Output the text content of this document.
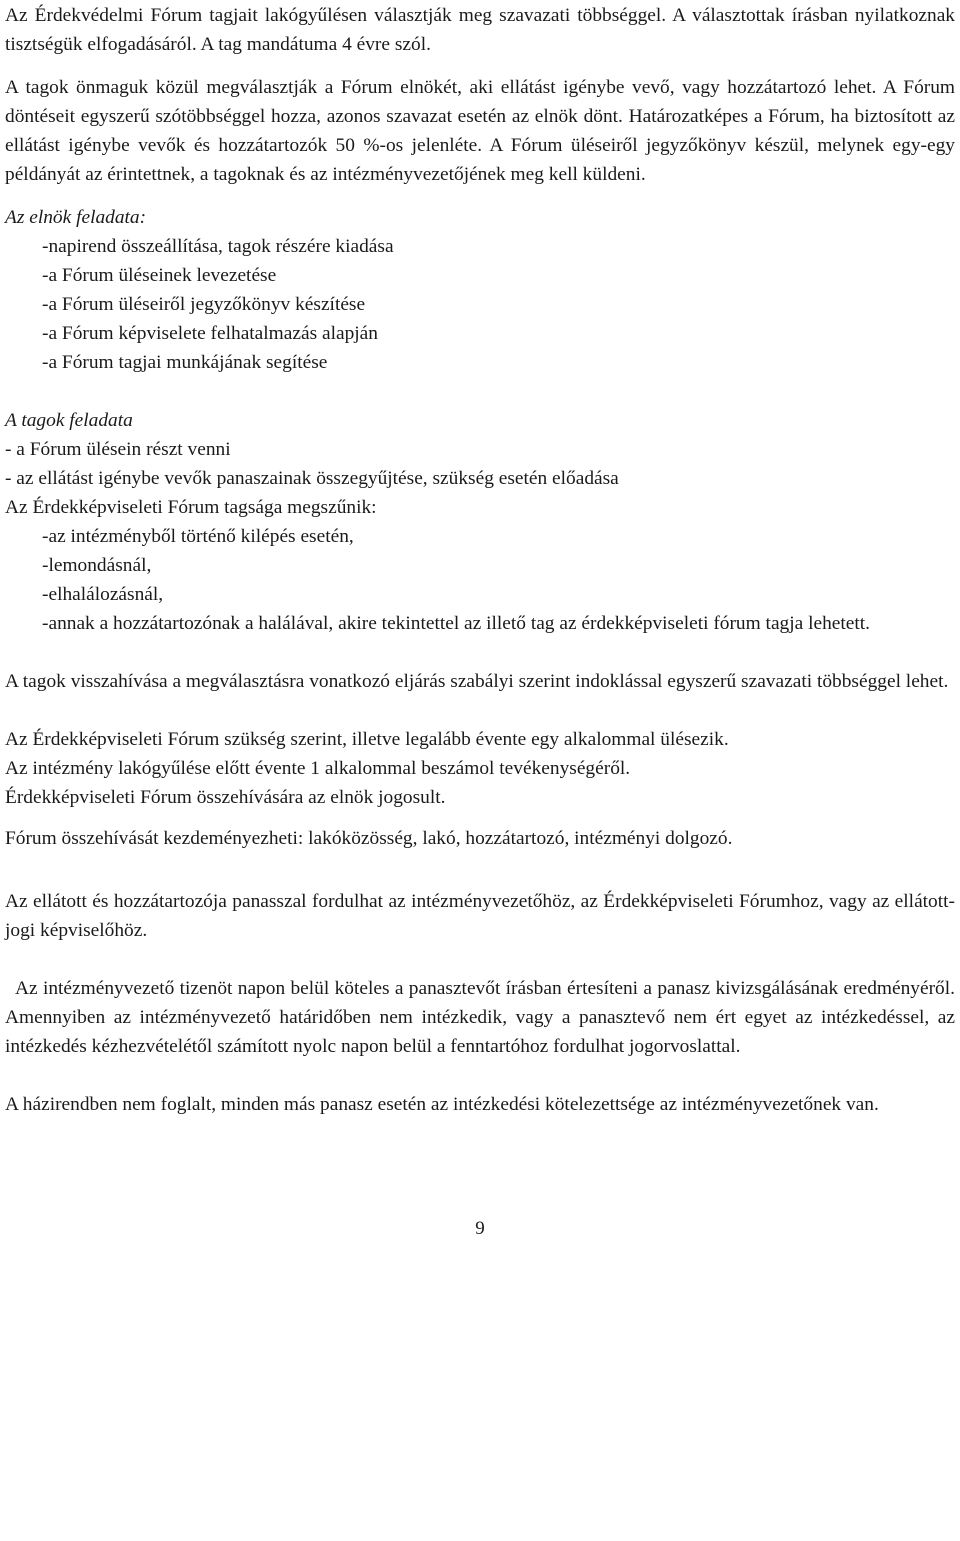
Az Érdekvédelmi Fórum tagjait lakógyűlésen választják meg szavazati többséggel. A választottak írásban nyilatkoznak tisztségük elfogadásáról. A tag mandátuma 4 évre szól.

A tagok önmaguk közül megválasztják a Fórum elnökét, aki ellátást igénybe vevő, vagy hozzátartozó lehet. A Fórum döntéseit egyszerű szótöbbséggel hozza, azonos szavazat esetén az elnök dönt. Határozatképes a Fórum, ha biztosított az ellátást igénybe vevők és hozzátartozók 50 %-os jelenléte. A Fórum üléseiről jegyzőkönyv készül, melynek egy-egy példányát az érintettnek, a tagoknak és az intézményvezetőjének meg kell küldeni.

Az elnök feladata:

-napirend összeállítása, tagok részére kiadása

-a Fórum üléseinek levezetése

-a Fórum üléseiről jegyzőkönyv készítése

-a Fórum képviselete felhatalmazás alapján

-a Fórum tagjai munkájának segítése

A tagok feladata

- a Fórum ülésein részt venni

- az ellátást igénybe vevők panaszainak összegyűjtése, szükség esetén előadása

Az Érdekképviseleti Fórum tagsága megszűnik:

-az intézményből történő kilépés esetén,

-lemondásnál,

-elhalálozásnál,

-annak a hozzátartozónak a halálával, akire tekintettel az illető tag az érdekképviseleti fórum tagja lehetett.

A tagok visszahívása a megválasztásra vonatkozó eljárás szabályi szerint indoklással egyszerű szavazati többséggel lehet.

Az Érdekképviseleti Fórum szükség szerint, illetve legalább évente egy alkalommal ülésezik.

Az intézmény lakógyűlése előtt évente 1 alkalommal beszámol tevékenységéről.

Érdekképviseleti Fórum összehívására az elnök jogosult.

Fórum összehívását kezdeményezheti: lakóközösség, lakó, hozzátartozó, intézményi dolgozó.

Az ellátott és hozzátartozója panasszal fordulhat az intézményvezetőhöz, az Érdekképviseleti Fórumhoz, vagy az ellátott-jogi képviselőhöz.

Az intézményvezető tizenöt napon belül köteles a panasztevőt írásban értesíteni a panasz kivizsgálásának eredményéről. Amennyiben az intézményvezető határidőben nem intézkedik, vagy a panasztevő nem ért egyet az intézkedéssel, az intézkedés kézhezvételétől számított nyolc napon belül a fenntartóhoz fordulhat jogorvoslattal.

A házirendben nem foglalt, minden más panasz esetén az intézkedési kötelezettsége az intézményvezetőnek van.

9
